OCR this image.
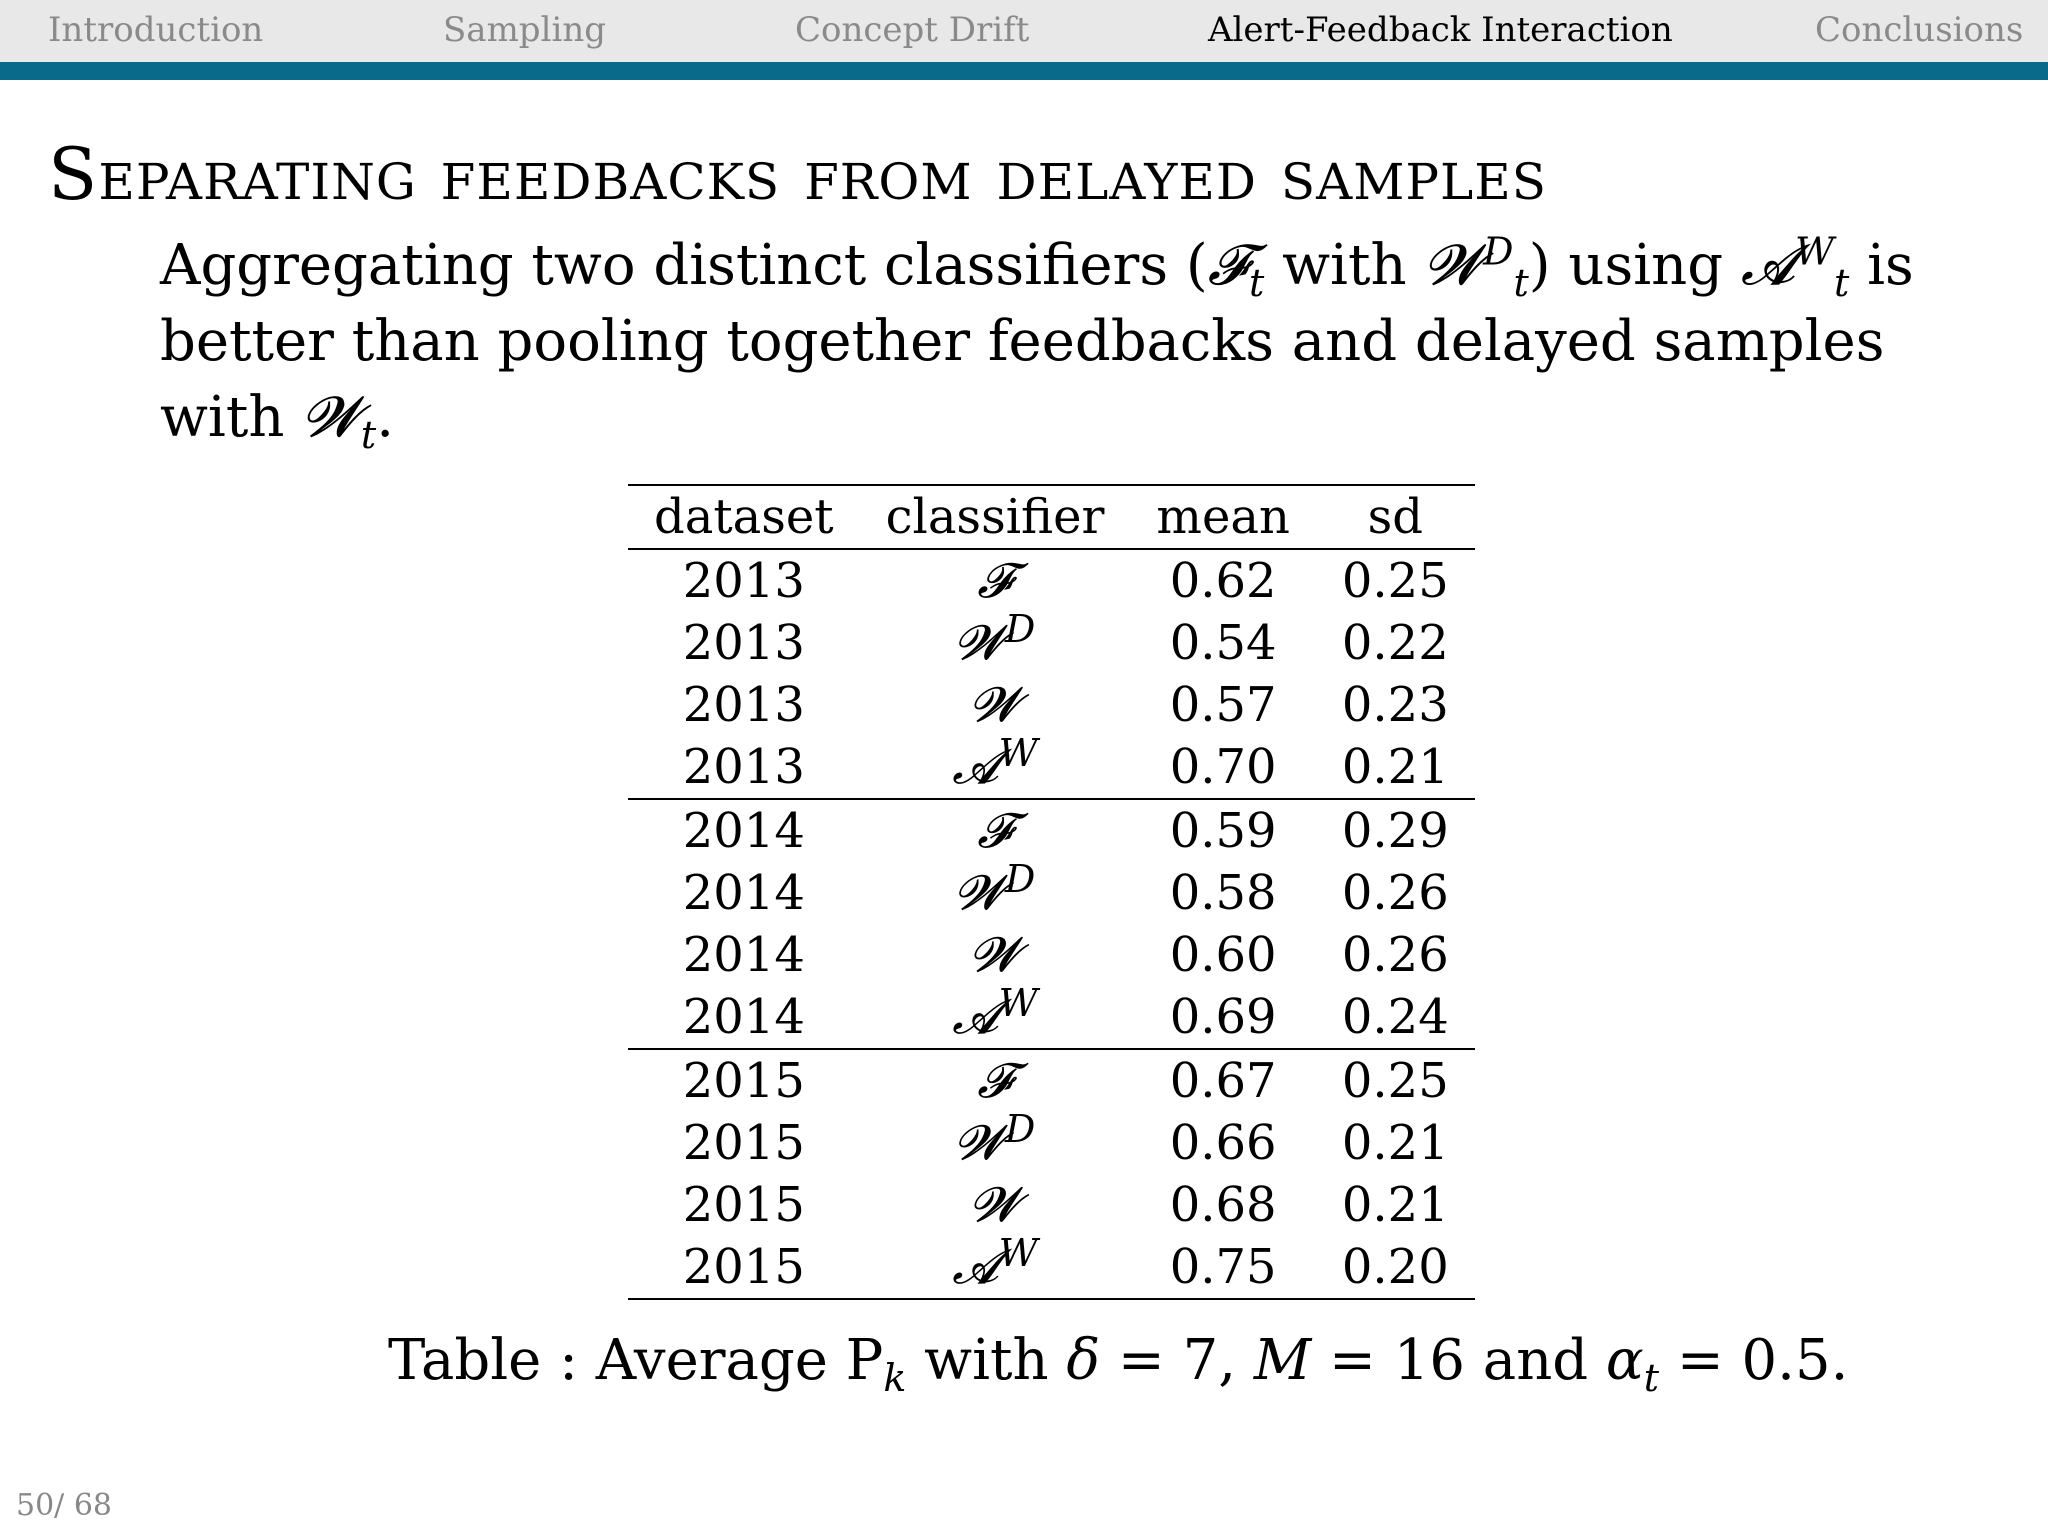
Introduction	Sampling	Concept Drift	Alert-Feedback Interaction	Conclusions
Separating feedbacks from delayed samples
Aggregating two distinct classifiers (𝓕$_t$ with 𝓦$^D_t$) using 𝓐$^W_t$ is better than pooling together feedbacks and delayed samples with 𝓦$_t$.
dataset	classifier	mean	sd
2013	𝓕	0.62	0.25
2013	𝓦$^D$	0.54	0.22
2013	𝓦	0.57	0.23
2013	𝓐$^W$	0.70	0.21
2014	𝓕	0.59	0.29
2014	𝓦$^D$	0.58	0.26
2014	𝓦	0.60	0.26
2014	𝓐$^W$	0.69	0.24
2015	𝓕	0.67	0.25
2015	𝓦$^D$	0.66	0.21
2015	𝓦	0.68	0.21
2015	𝓐$^W$	0.75	0.20
Table : Average $P_k$ with δ = 7, M = 16 and $\alpha_t = 0.5$.
50/ 68
